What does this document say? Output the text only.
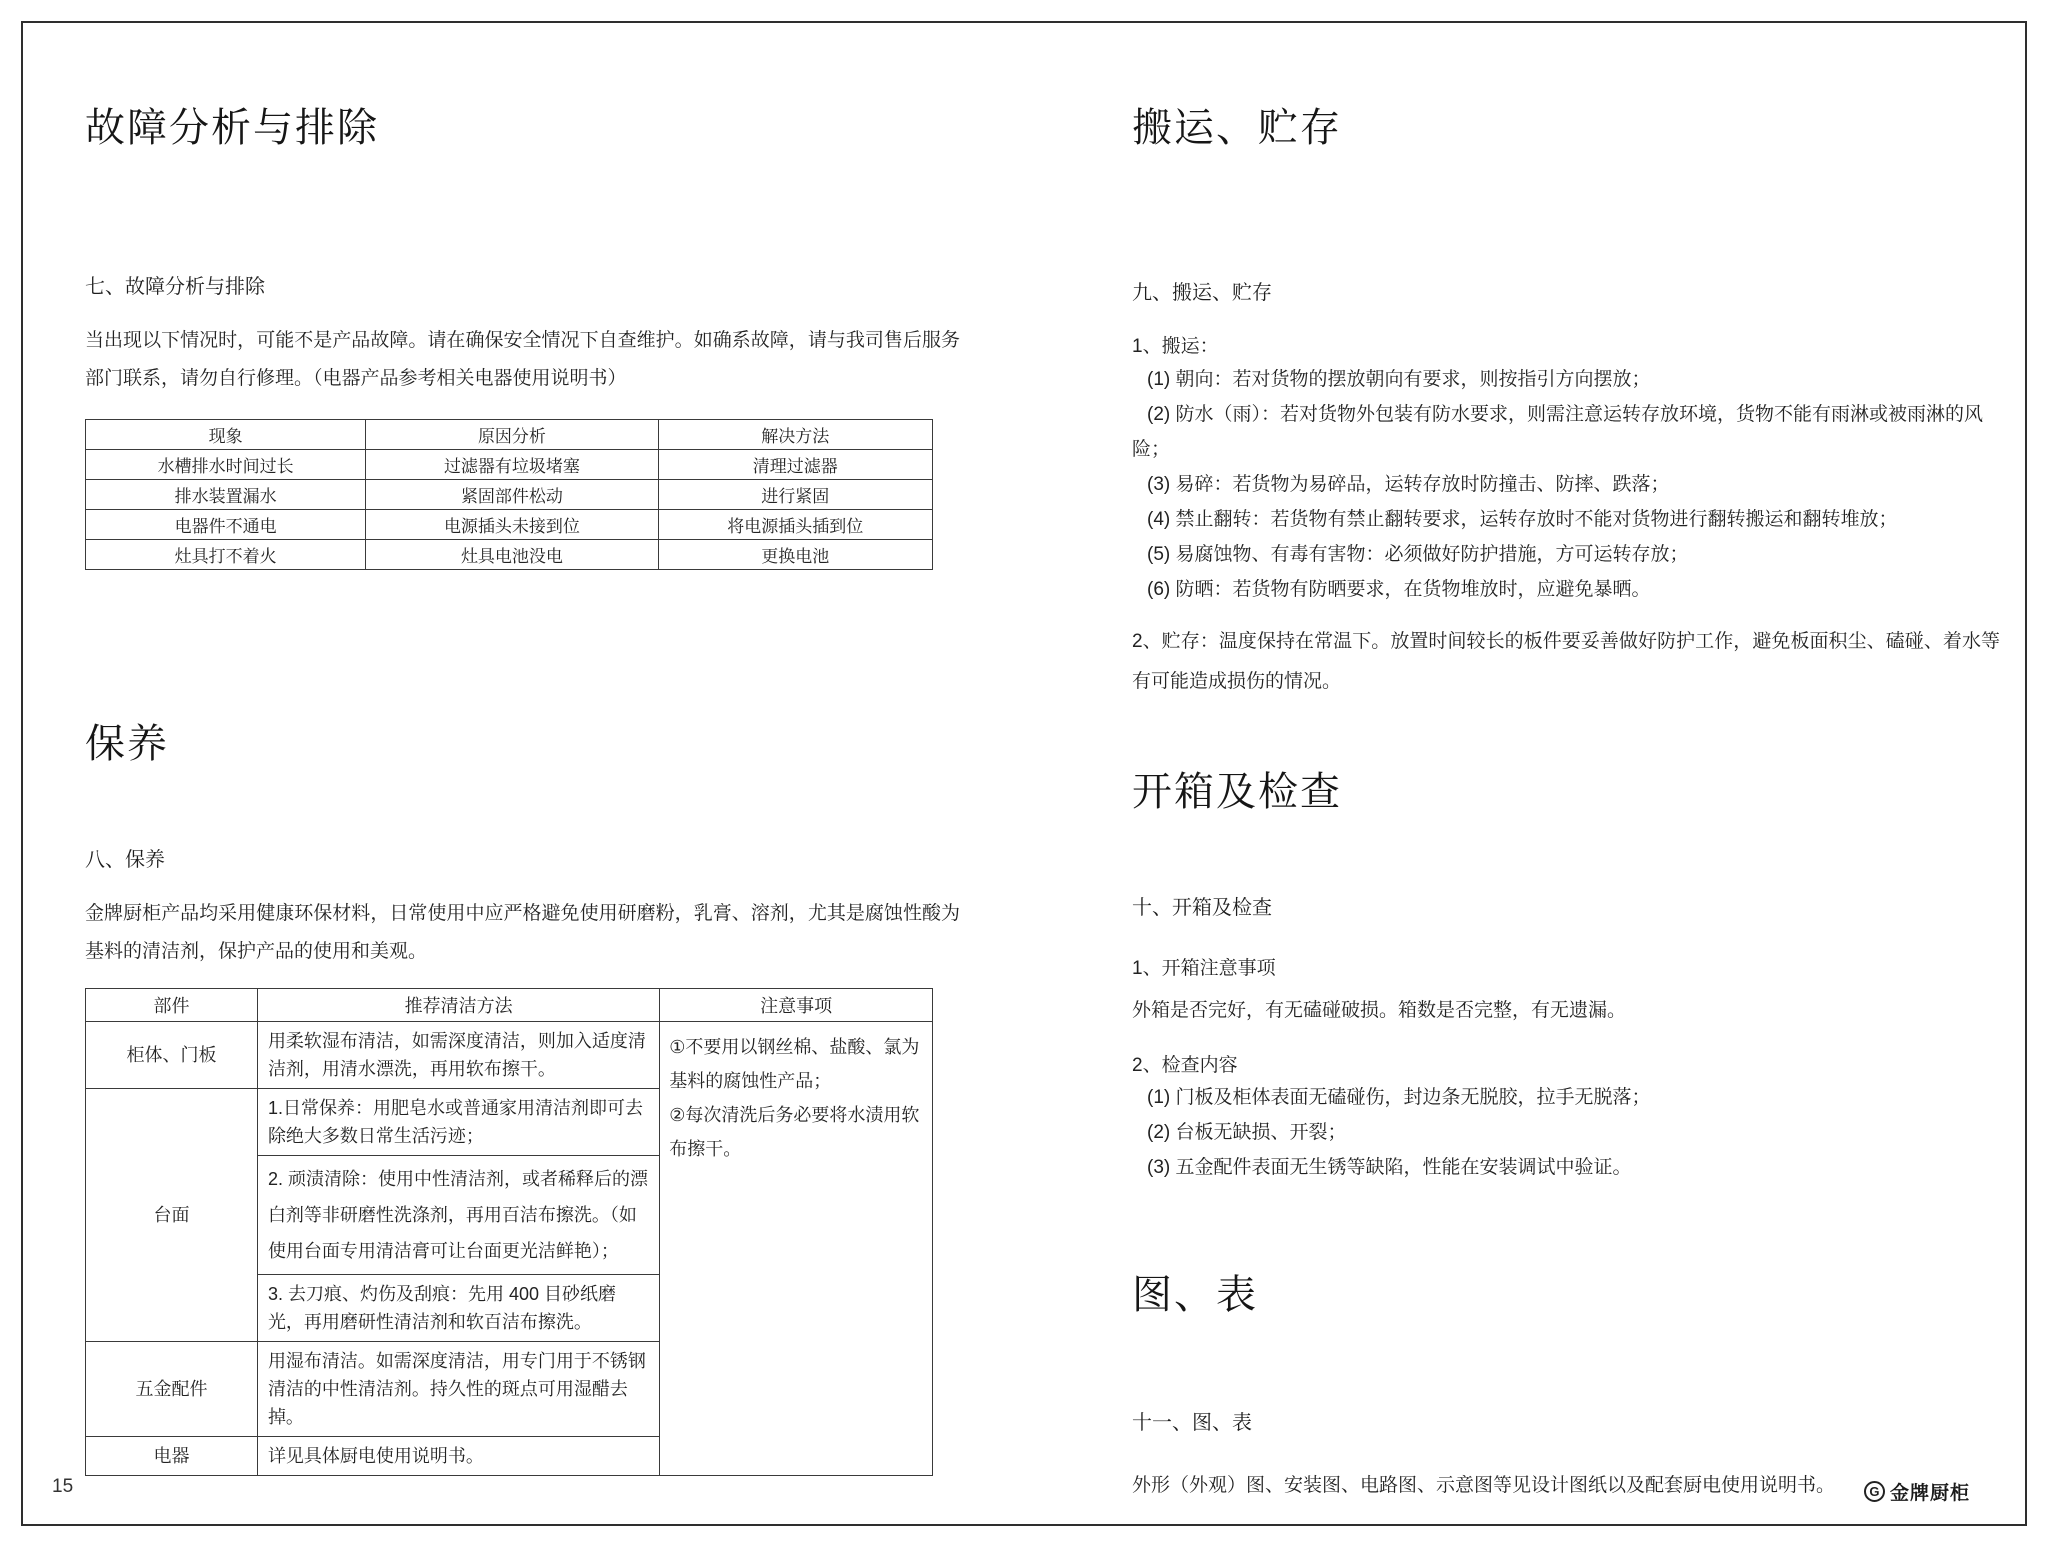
故障分析与排除
七、故障分析与排除
当出现以下情况时，可能不是产品故障。请在确保安全情况下自查维护。如确系故障，请与我司售后服务部门联系，请勿自行修理。（电器产品参考相关电器使用说明书）
现象	原因分析	解决方法
水槽排水时间过长	过滤器有垃圾堵塞	清理过滤器
排水装置漏水	紧固部件松动	进行紧固
电器件不通电	电源插头未接到位	将电源插头插到位
灶具打不着火	灶具电池没电	更换电池
保养
八、保养
金牌厨柜产品均采用健康环保材料，日常使用中应严格避免使用研磨粉，乳膏、溶剂，尤其是腐蚀性酸为基料的清洁剂，保护产品的使用和美观。
部件	推荐清洁方法	注意事项
柜体、门板	用柔软湿布清洁，如需深度清洁，则加入适度清洁剂，用清水漂洗，再用软布擦干。	①不要用以钢丝棉、盐酸、氯为基料的腐蚀性产品；
②每次清洗后务必要将水渍用软布擦干。

台面	1.日常保养：用肥皂水或普通家用清洁剂即可去除绝大多数日常生活污迹；	
	2. 顽渍清除：使用中性清洁剂，或者稀释后的漂白剂等非研磨性洗涤剂，再用百洁布擦洗。（如使用台面专用清洁膏可让台面更光洁鲜艳）；	
	3. 去刀痕、灼伤及刮痕：先用 400 目砂纸磨光，再用磨研性清洁剂和软百洁布擦洗。	
五金配件	用湿布清洁。如需深度清洁，用专门用于不锈钢清洁的中性清洁剂。持久性的斑点可用湿醋去掉。	
电器	详见具体厨电使用说明书。	
搬运、贮存
九、搬运、贮存
1、搬运：
(1) 朝向：若对货物的摆放朝向有要求，则按指引方向摆放；
(2) 防水（雨）：若对货物外包装有防水要求，则需注意运转存放环境，货物不能有雨淋或被雨淋的风险；
(3) 易碎：若货物为易碎品，运转存放时防撞击、防摔、跌落；
(4) 禁止翻转：若货物有禁止翻转要求，运转存放时不能对货物进行翻转搬运和翻转堆放；
(5) 易腐蚀物、有毒有害物：必须做好防护措施，方可运转存放；
(6) 防晒：若货物有防晒要求，在货物堆放时，应避免暴晒。
2、贮存：温度保持在常温下。放置时间较长的板件要妥善做好防护工作，避免板面积尘、磕碰、着水等有可能造成损伤的情况。
开箱及检查
十、开箱及检查
1、开箱注意事项
外箱是否完好，有无磕碰破损。箱数是否完整，有无遗漏。
2、检查内容
(1) 门板及柜体表面无磕碰伤，封边条无脱胶，拉手无脱落；
(2) 台板无缺损、开裂；
(3) 五金配件表面无生锈等缺陷，性能在安装调试中验证。
图、表
十一、图、表
外形（外观）图、安装图、电路图、示意图等见设计图纸以及配套厨电使用说明书。
15	G 金牌厨柜
